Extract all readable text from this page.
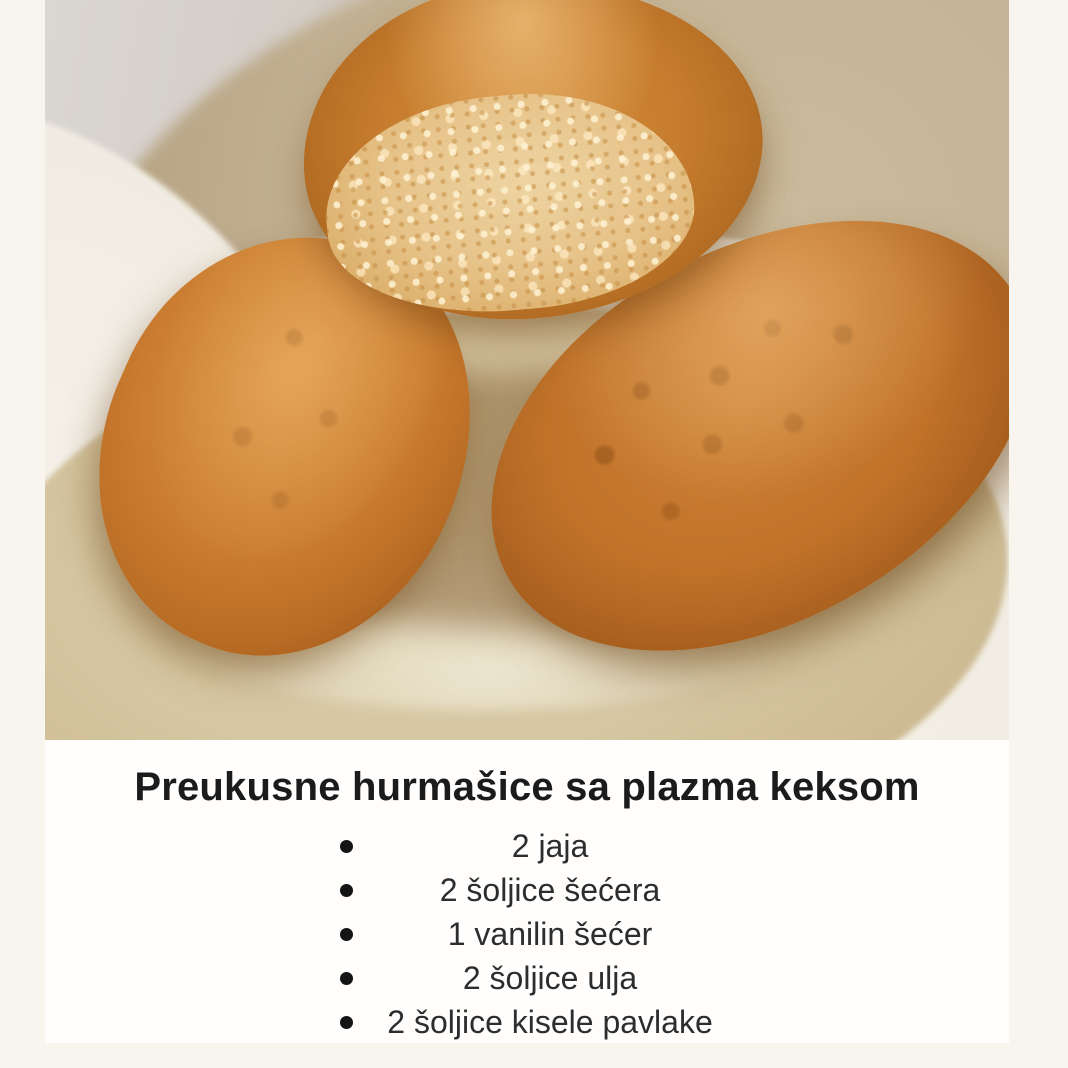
Preukusne hurmašice sa plazma keksom
2 jaja
2 šoljice šećera
1 vanilin šećer
2 šoljice ulja
2 šoljice kisele pavlake
